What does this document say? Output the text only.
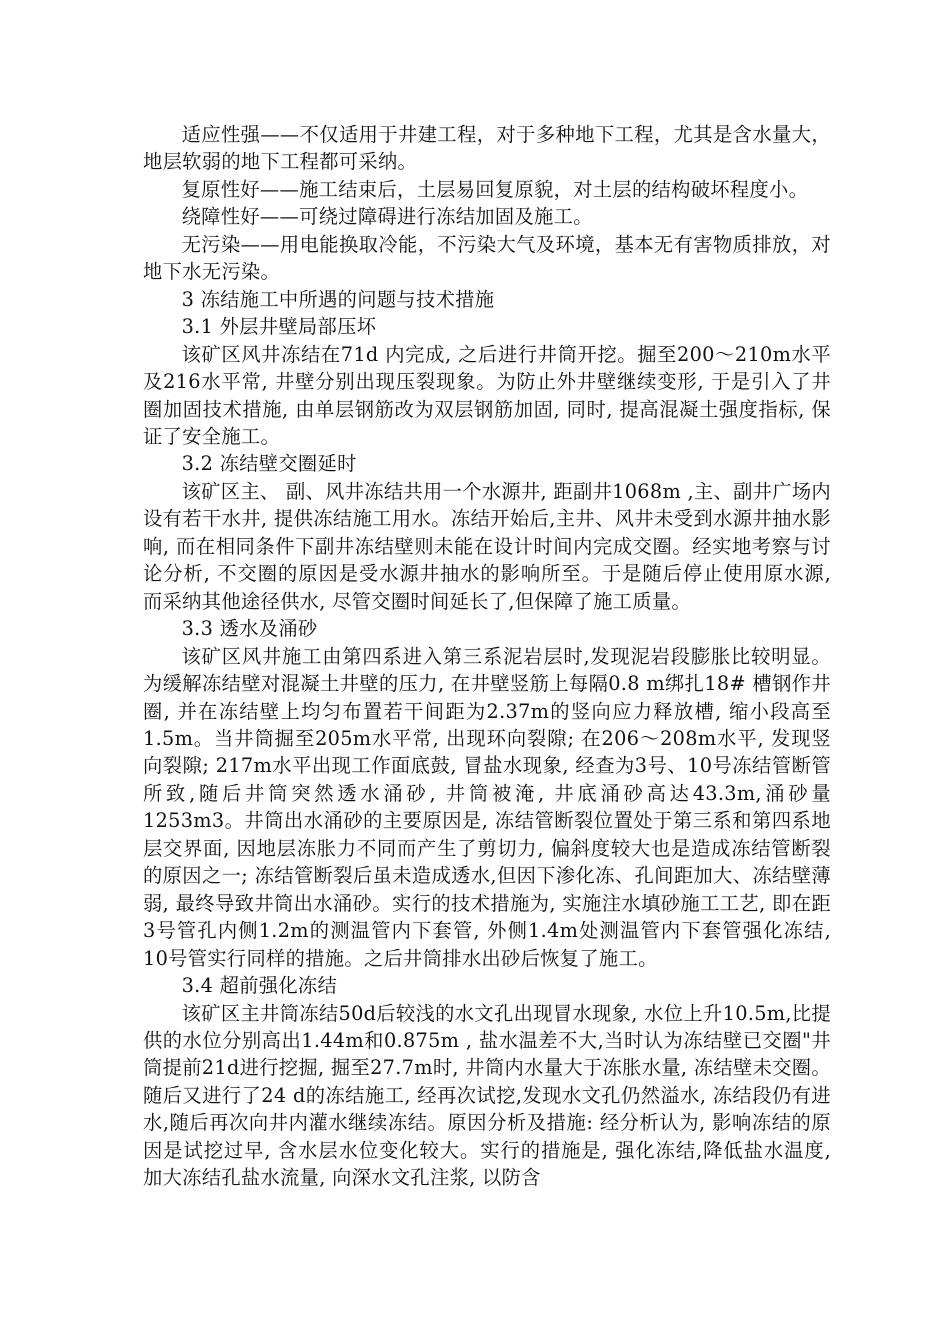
适应性强——不仅适用于井建工程，对于多种地下工程，尤其是含水量大，地层软弱的地下工程都可采纳。

复原性好——施工结束后，土层易回复原貌，对土层的结构破坏程度小。

绕障性好——可绕过障碍进行冻结加固及施工。

无污染——用电能换取冷能，不污染大气及环境，基本无有害物质排放，对地下水无污染。

3 冻结施工中所遇的问题与技术措施

3.1 外层井壁局部压坏

该矿区风井冻结在71d 内完成, 之后进行井筒开挖。掘至200～210m水平及216水平常, 井壁分别出现压裂现象。为防止外井壁继续变形, 于是引入了井圈加固技术措施, 由单层钢筋改为双层钢筋加固, 同时, 提高混凝土强度指标, 保证了安全施工。

3.2 冻结壁交圈延时

该矿区主、 副、风井冻结共用一个水源井, 距副井1068m ,主、副井广场内设有若干水井, 提供冻结施工用水。冻结开始后,主井、风井未受到水源井抽水影响, 而在相同条件下副井冻结壁则未能在设计时间内完成交圈。经实地考察与讨论分析, 不交圈的原因是受水源井抽水的影响所至。于是随后停止使用原水源, 而采纳其他途径供水, 尽管交圈时间延长了,但保障了施工质量。

3.3 透水及涌砂

该矿区风井施工由第四系进入第三系泥岩层时,发现泥岩段膨胀比较明显。为缓解冻结壁对混凝土井壁的压力, 在井壁竖筋上每隔0.8 m绑扎18# 槽钢作井圈, 并在冻结壁上均匀布置若干间距为2.37m的竖向应力释放槽, 缩小段高至1.5m。当井筒掘至205m水平常, 出现环向裂隙; 在206～208m水平, 发现竖向裂隙; 217m水平出现工作面底鼓, 冒盐水现象, 经查为3号、10号冻结管断管所致,随后井筒突然透水涌砂, 井筒被淹, 井底涌砂高达43.3m,涌砂量1253m3。井筒出水涌砂的主要原因是, 冻结管断裂位置处于第三系和第四系地层交界面, 因地层冻胀力不同而产生了剪切力, 偏斜度较大也是造成冻结管断裂的原因之一; 冻结管断裂后虽未造成透水,但因下渗化冻、孔间距加大、冻结壁薄弱, 最终导致井筒出水涌砂。实行的技术措施为, 实施注水填砂施工工艺, 即在距3号管孔内侧1.2m的测温管内下套管, 外侧1.4m处测温管内下套管强化冻结, 10号管实行同样的措施。之后井筒排水出砂后恢复了施工。

3.4 超前强化冻结

该矿区主井筒冻结50d后较浅的水文孔出现冒水现象, 水位上升10.5m,比提供的水位分别高出1.44m和0.875m , 盐水温差不大,当时认为冻结壁已交圈"井筒提前21d进行挖掘, 掘至27.7m时, 井筒内水量大于冻胀水量, 冻结壁未交圈。随后又进行了24 d的冻结施工, 经再次试挖,发现水文孔仍然溢水, 冻结段仍有进水,随后再次向井内灌水继续冻结。原因分析及措施: 经分析认为, 影响冻结的原因是试挖过早, 含水层水位变化较大。实行的措施是, 强化冻结,降低盐水温度, 加大冻结孔盐水流量, 向深水文孔注浆, 以防含
